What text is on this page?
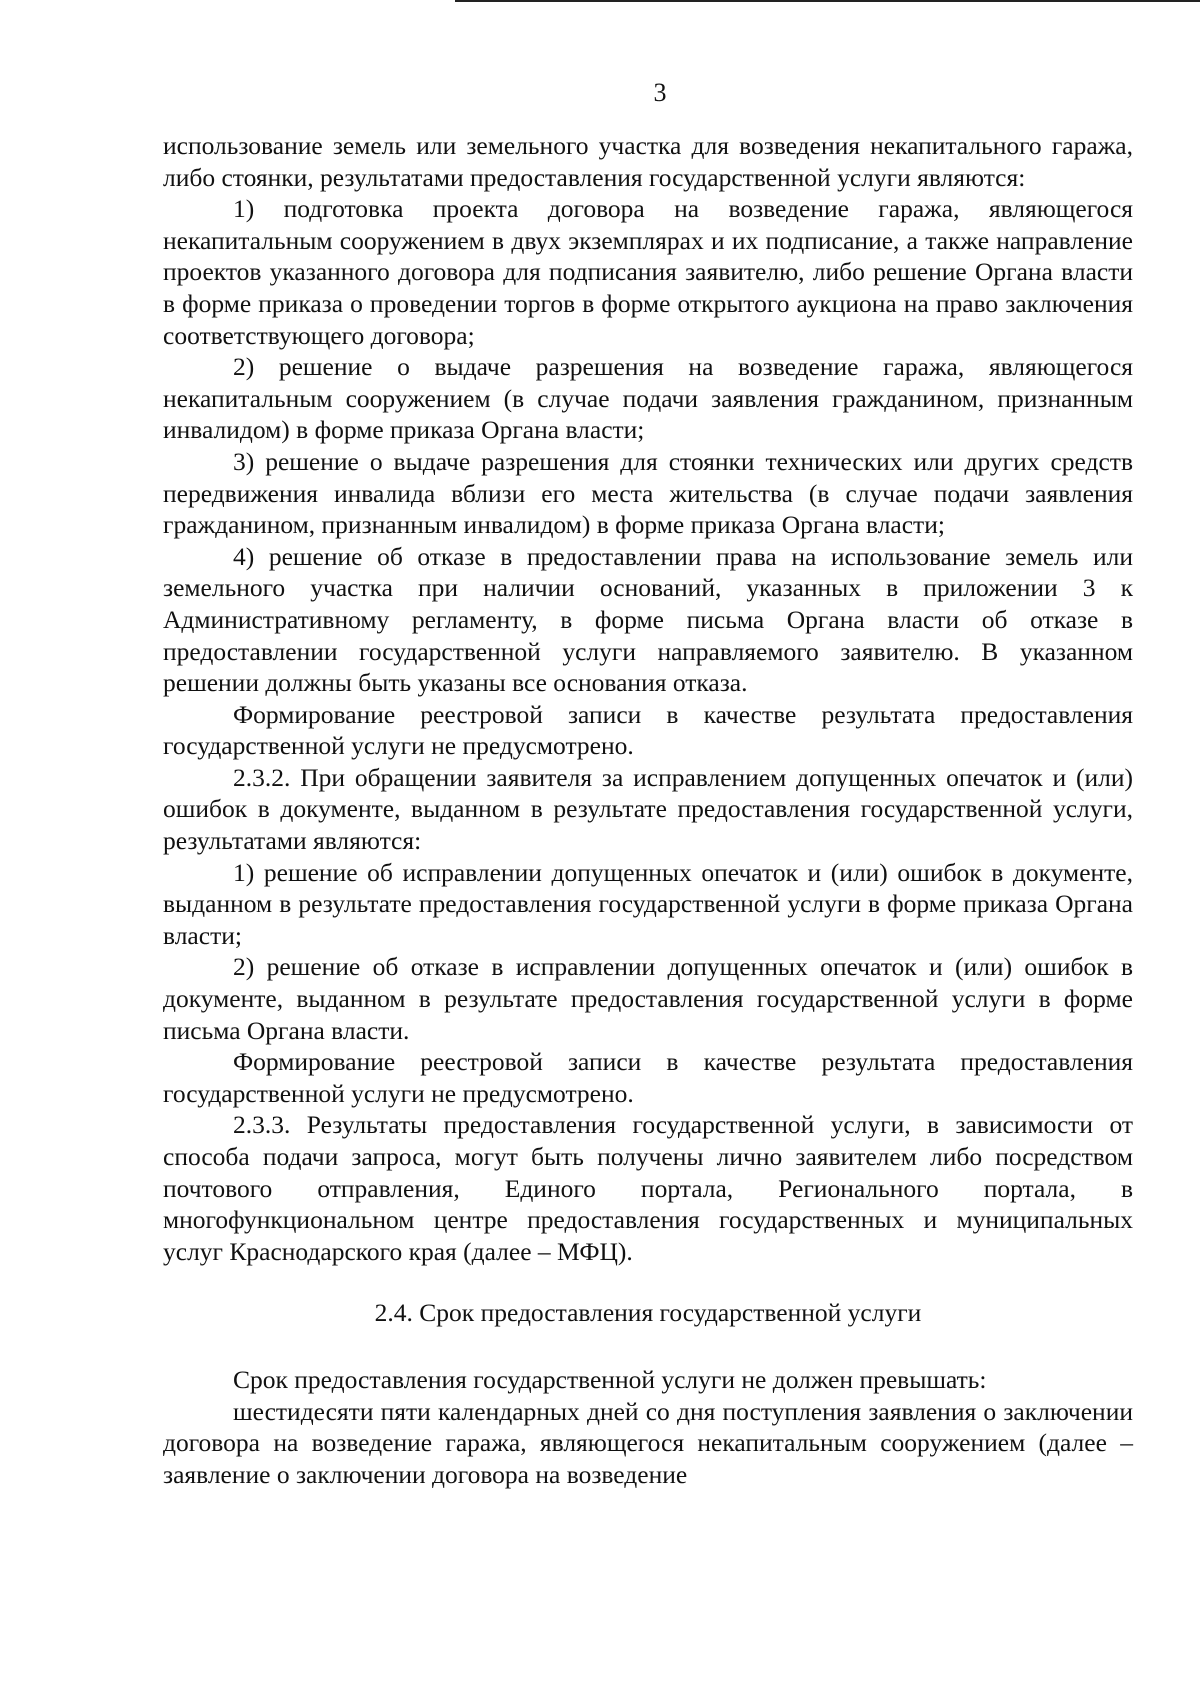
3

использование земель или земельного участка для возведения некапитального гаража, либо стоянки, результатами предоставления государственной услуги являются:

1) подготовка проекта договора на возведение гаража, являющегося некапитальным сооружением в двух экземплярах и их подписание, а также направление проектов указанного договора для подписания заявителю, либо решение Органа власти в форме приказа о проведении торгов в форме открытого аукциона на право заключения соответствующего договора;

2) решение о выдаче разрешения на возведение гаража, являющегося некапитальным сооружением (в случае подачи заявления гражданином, признанным инвалидом) в форме приказа Органа власти;

3) решение о выдаче разрешения для стоянки технических или других средств передвижения инвалида вблизи его места жительства (в случае подачи заявления гражданином, признанным инвалидом) в форме приказа Органа власти;

4) решение об отказе в предоставлении права на использование земель или земельного участка при наличии оснований, указанных в приложении 3 к Административному регламенту, в форме письма Органа власти об отказе в предоставлении государственной услуги направляемого заявителю. В указанном решении должны быть указаны все основания отказа.

Формирование реестровой записи в качестве результата предоставления государственной услуги не предусмотрено.

2.3.2. При обращении заявителя за исправлением допущенных опечаток и (или) ошибок в документе, выданном в результате предоставления государственной услуги, результатами являются:

1) решение об исправлении допущенных опечаток и (или) ошибок в документе, выданном в результате предоставления государственной услуги в форме приказа Органа власти;

2) решение об отказе в исправлении допущенных опечаток и (или) ошибок в документе, выданном в результате предоставления государственной услуги в форме письма Органа власти.

Формирование реестровой записи в качестве результата предоставления государственной услуги не предусмотрено.

2.3.3. Результаты предоставления государственной услуги, в зависимости от способа подачи запроса, могут быть получены лично заявителем либо посредством почтового отправления, Единого портала, Регионального портала, в многофункциональном центре предоставления государственных и муниципальных услуг Краснодарского края (далее – МФЦ).

2.4. Срок предоставления государственной услуги

Срок предоставления государственной услуги не должен превышать:

шестидесяти пяти календарных дней со дня поступления заявления о заключении договора на возведение гаража, являющегося некапитальным сооружением (далее – заявление о заключении договора на возведение
